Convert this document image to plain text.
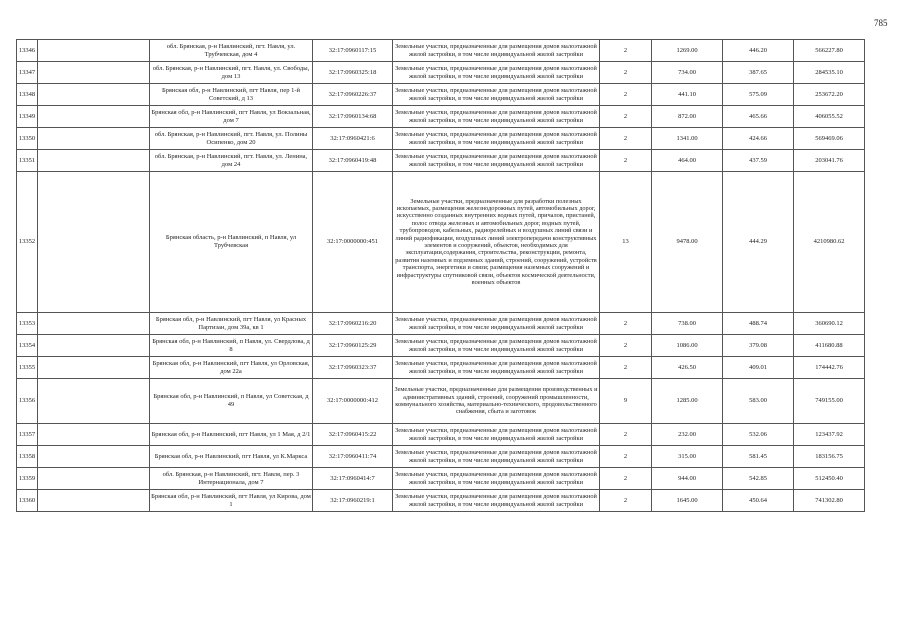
785
13346		обл. Брянская, р-н Навлинский, пгт. Навля, ул. Трубчевская, дом 4	32:17:0960117:15	Земельные участки, предназначенные для размещения домов малоэтажной жилой застройки, в том числе индивидуальной жилой застройки	2	1269.00	446.20	566227.80
13347		обл. Брянская, р-н Навлинский, пгт. Навля, ул. Свободы, дом 13	32:17:0960325:18	Земельные участки, предназначенные для размещения домов малоэтажной жилой застройки, в том числе индивидуальной жилой застройки	2	734.00	387.65	284535.10
13348		Брянская обл, р-н Навлинский, пгт Навля, пер 1-й Советский, д 13	32:17:0960226:37	Земельные участки, предназначенные для размещения домов малоэтажной жилой застройки, в том числе индивидуальной жилой застройки	2	441.10	575.09	253672.20
13349		Брянская обл, р-н Навлинский, пгт Навля, ул Вокзальная, дом 7	32:17:0960134:68	Земельные участки, предназначенные для размещения домов малоэтажной жилой застройки, в том числе индивидуальной жилой застройки	2	872.00	465.66	406055.52
13350		обл. Брянская, р-н Навлинский, пгт. Навля, ул. Полины Осипенко, дом 20	32:17:0960421:6	Земельные участки, предназначенные для размещения домов малоэтажной жилой застройки, в том числе индивидуальной жилой застройки	2	1341.00	424.66	569469.06
13351		обл. Брянская, р-н Навлинский, пгт. Навля, ул. Ленина, дом 24	32:17:0960419:48	Земельные участки, предназначенные для размещения домов малоэтажной жилой застройки, в том числе индивидуальной жилой застройки	2	464.00	437.59	203041.76
13352		Брянская область, р-н Навлинский, п Навля, ул Трубчевская	32:17:0000000:451	Земельные участки, предназначенные для разработки полезных ископаемых, размещения железнодорожных путей, автомобильных дорог, искусственно созданных внутренних водных путей, причалов, пристаней, полос отвода железных и автомобильных дорог, водных путей, трубопроводов, кабельных, радиорелейных и воздушных линий связи и линий радиофикации, воздушных линий электропередачи конструктивных элементов и сооружений, объектов, необходимых для эксплуатации,содержания, строительства, реконструкции, ремонта, развития наземных и подземных зданий, строений, сооружений, устройств транспорта, энергетики и связи; размещения наземных сооружений и инфраструктуры спутниковой связи, объектов космической деятельности, военных объектов	13	9478.00	444.29	4210980.62
13353		Брянская обл, р-н Навлинский, пгт Навля, ул Красных Партизан, дом 39а, кв 1	32:17:0960216:20	Земельные участки, предназначенные для размещения домов малоэтажной жилой застройки, в том числе индивидуальной жилой застройки	2	738.00	488.74	360690.12
13354		Брянская обл, р-н Навлинский, п Навля, ул. Свердлова, д 8	32:17:0960125:29	Земельные участки, предназначенные для размещения домов малоэтажной жилой застройки, в том числе индивидуальной жилой застройки	2	1086.00	379.08	411680.88
13355		Брянская обл, р-н Навлинский, пгт Навля, ул Орловская, дом 22а	32:17:0960323:37	Земельные участки, предназначенные для размещения домов малоэтажной жилой застройки, в том числе индивидуальной жилой застройки	2	426.50	409.01	174442.76
13356		Брянская обл, р-н Навлинский, п Навля, ул Советская, д 49	32:17:0000000:412	Земельные участки, предназначенные для размещения производственных и административных зданий, строений, сооружений промышленности, коммунального хозяйства, материально-технического, продовольственного снабжения, сбыта и заготовок	9	1285.00	583.00	749155.00
13357		Брянская обл, р-н Навлинский, пгт Навля, ул 1 Мая, д 2/1	32:17:0960415:22	Земельные участки, предназначенные для размещения домов малоэтажной жилой застройки, в том числе индивидуальной жилой застройки	2	232.00	532.06	123437.92
13358		Брянская обл, р-н Навлинский, пгт Навля, ул К.Маркса	32:17:0960411:74	Земельные участки, предназначенные для размещения домов малоэтажной жилой застройки, в том числе индивидуальной жилой застройки	2	315.00	581.45	183156.75
13359		обл. Брянская, р-н Навлинский, пгт. Навля, пер. 3 Интернационала, дом 7	32:17:0960414:7	Земельные участки, предназначенные для размещения домов малоэтажной жилой застройки, в том числе индивидуальной жилой застройки	2	944.00	542.85	512450.40
13360		Брянская обл, р-н Навлинский, пгт Навля, ул Кирова, дом 1	32:17:0960219:1	Земельные участки, предназначенные для размещения домов малоэтажной жилой застройки, в том числе индивидуальной жилой застройки	2	1645.00	450.64	741302.80
